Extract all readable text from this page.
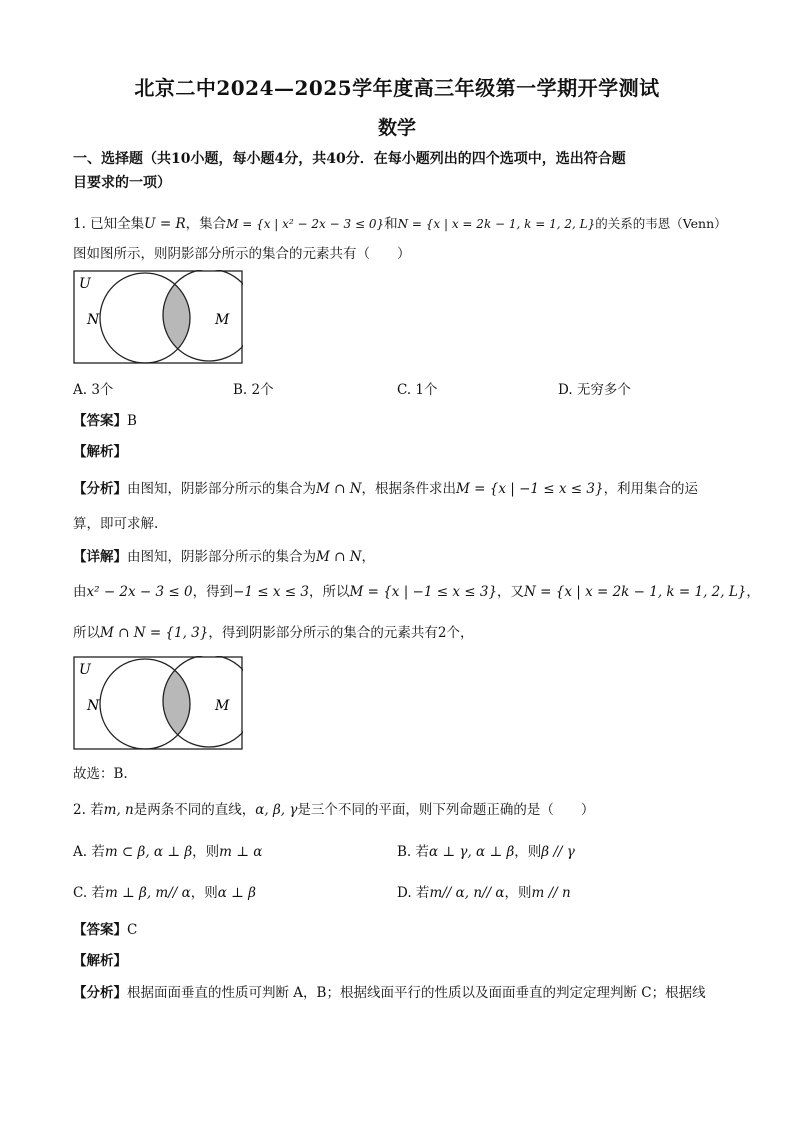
北京二中2024—2025学年度高三年级第一学期开学测试
数学
一、选择题（共10小题，每小题4分，共40分．在每小题列出的四个选项中，选出符合题
目要求的一项）
1. 已知全集U = R，集合M = {x | x² − 2x − 3 ≤ 0}和N = {x | x = 2k − 1, k = 1, 2, L}的关系的韦恩（Venn）
图如图所示，则阴影部分所示的集合的元素共有（　　）
U
N	M
A. 3个	B. 2个	C. 1个	D. 无穷多个
【答案】B
【解析】
【分析】由图知，阴影部分所示的集合为M ∩ N，根据条件求出M = {x | −1 ≤ x ≤ 3}，利用集合的运
算，即可求解.
【详解】由图知，阴影部分所示的集合为M ∩ N，
由x² − 2x − 3 ≤ 0，得到−1 ≤ x ≤ 3，所以M = {x | −1 ≤ x ≤ 3}，又N = {x | x = 2k − 1, k = 1, 2, L}，
所以M ∩ N = {1, 3}，得到阴影部分所示的集合的元素共有2个，
U
N	M
故选：B.
2. 若m, n是两条不同的直线，α, β, γ是三个不同的平面，则下列命题正确的是（　　）
A. 若m ⊂ β, α ⊥ β，则m ⊥ α	B. 若α ⊥ γ, α ⊥ β，则β // γ
C. 若m ⊥ β, m// α，则α ⊥ β	D. 若m// α, n// α，则m // n
【答案】C
【解析】
【分析】根据面面垂直的性质可判断 A，B；根据线面平行的性质以及面面垂直的判定定理判断 C；根据线
